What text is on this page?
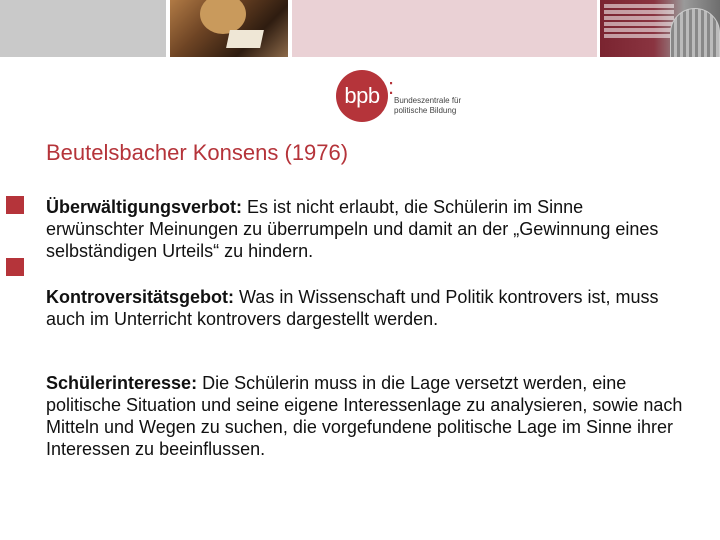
bpb :
Bundeszentrale für
politische Bildung
Beutelsbacher Konsens (1976)

Überwältigungsverbot: Es ist nicht erlaubt, die Schülerin im Sinne erwünschter Meinungen zu überrumpeln und damit an der „Gewinnung eines selbständigen Urteils“ zu hindern.

Kontroversitätsgebot: Was in Wissenschaft und Politik kontrovers ist, muss auch im Unterricht kontrovers dargestellt werden.

Schülerinteresse: Die Schülerin muss in die Lage versetzt werden, eine politische Situation und seine eigene Interessenlage zu analysieren, sowie nach Mitteln und Wegen zu suchen, die vorgefundene politische Lage im Sinne ihrer Interessen zu beeinflussen.
